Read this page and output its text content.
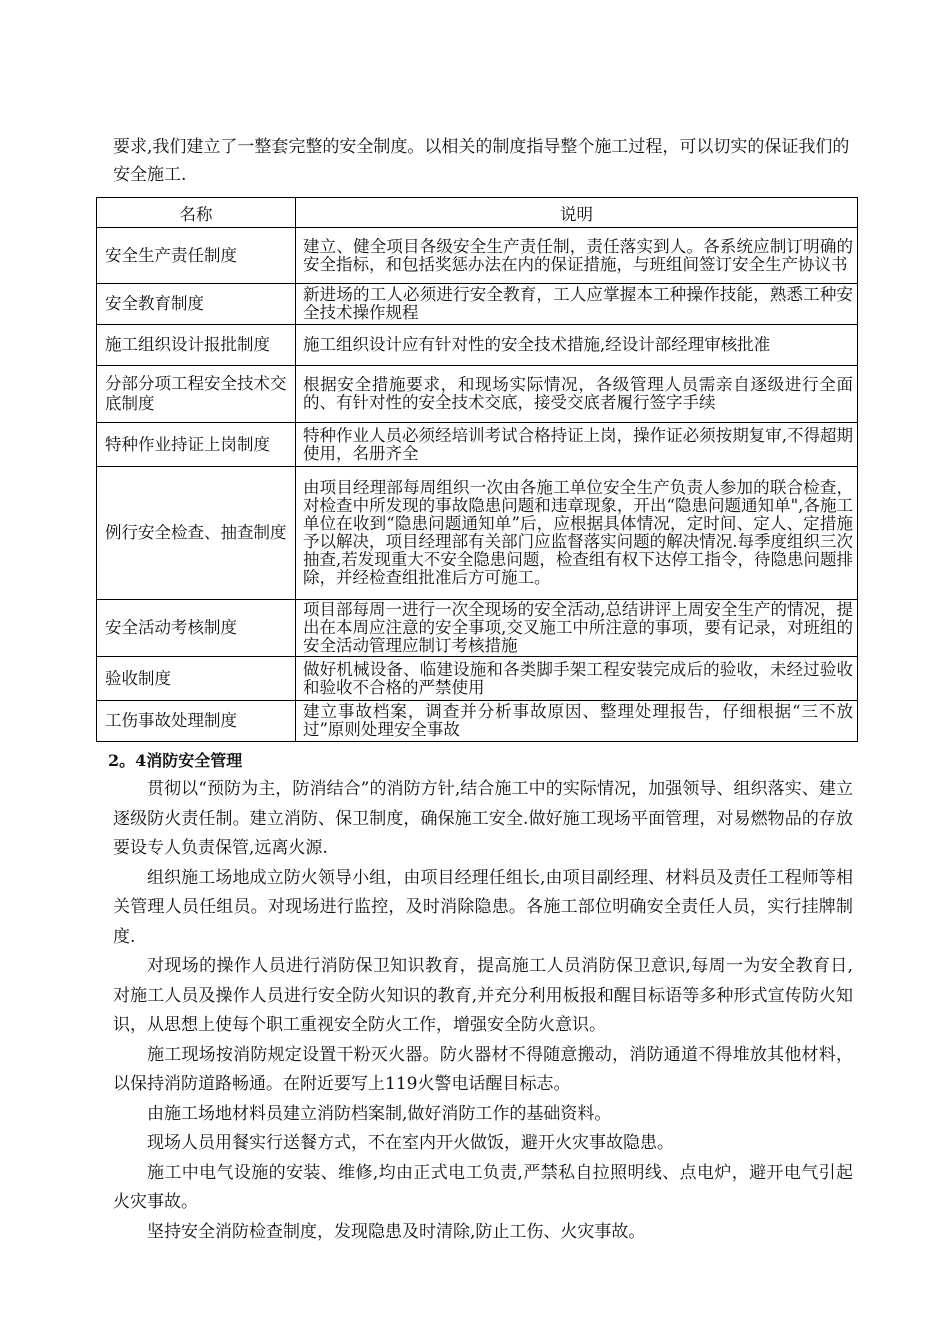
要求,我们建立了一整套完整的安全制度。以相关的制度指导整个施工过程，可以切实的保证我们的安全施工.

名称	说明
安全生产责任制度	建立、健全项目各级安全生产责任制，责任落实到人。各系统应制订明确的安全指标，和包括奖惩办法在内的保证措施，与班组间签订安全生产协议书
安全教育制度	新进场的工人必须进行安全教育，工人应掌握本工种操作技能，熟悉工种安全技术操作规程
施工组织设计报批制度	施工组织设计应有针对性的安全技术措施,经设计部经理审核批准
分部分项工程安全技术交底制度	根据安全措施要求，和现场实际情况，各级管理人员需亲自逐级进行全面的、有针对性的安全技术交底，接受交底者履行签字手续
特种作业持证上岗制度	特种作业人员必须经培训考试合格持证上岗，操作证必须按期复审,不得超期使用，名册齐全
例行安全检查、抽查制度	由项目经理部每周组织一次由各施工单位安全生产负责人参加的联合检查，对检查中所发现的事故隐患问题和违章现象，开出“隐患问题通知单",各施工单位在收到“隐患问题通知单”后，应根据具体情况，定时间、定人、定措施予以解决，项目经理部有关部门应监督落实问题的解决情况.每季度组织三次抽查,若发现重大不安全隐患问题，检查组有权下达停工指令，待隐患问题排除，并经检查组批准后方可施工。
安全活动考核制度	项目部每周一进行一次全现场的安全活动,总结讲评上周安全生产的情况，提出在本周应注意的安全事项,交叉施工中所注意的事项，要有记录，对班组的安全活动管理应制订考核措施
验收制度	做好机械设备、临建设施和各类脚手架工程安装完成后的验收，未经过验收和验收不合格的严禁使用
工伤事故处理制度	建立事故档案，调查并分析事故原因、整理处理报告，仔细根据“三不放过”原则处理安全事故
2。4消防安全管理

贯彻以“预防为主，防消结合”的消防方针,结合施工中的实际情况，加强领导、组织落实、建立逐级防火责任制。建立消防、保卫制度，确保施工安全.做好施工现场平面管理，对易燃物品的存放要设专人负责保管,远离火源.

组织施工场地成立防火领导小组，由项目经理任组长,由项目副经理、材料员及责任工程师等相关管理人员任组员。对现场进行监控，及时消除隐患。各施工部位明确安全责任人员，实行挂牌制度.

对现场的操作人员进行消防保卫知识教育，提高施工人员消防保卫意识,每周一为安全教育日,对施工人员及操作人员进行安全防火知识的教育,并充分利用板报和醒目标语等多种形式宣传防火知识，从思想上使每个职工重视安全防火工作，增强安全防火意识。

施工现场按消防规定设置干粉灭火器。防火器材不得随意搬动，消防通道不得堆放其他材料，以保持消防道路畅通。在附近要写上119火警电话醒目标志。

由施工场地材料员建立消防档案制,做好消防工作的基础资料。

现场人员用餐实行送餐方式，不在室内开火做饭，避开火灾事故隐患。

施工中电气设施的安装、维修,均由正式电工负责,严禁私自拉照明线、点电炉，避开电气引起火灾事故。

坚持安全消防检查制度，发现隐患及时清除,防止工伤、火灾事故。
